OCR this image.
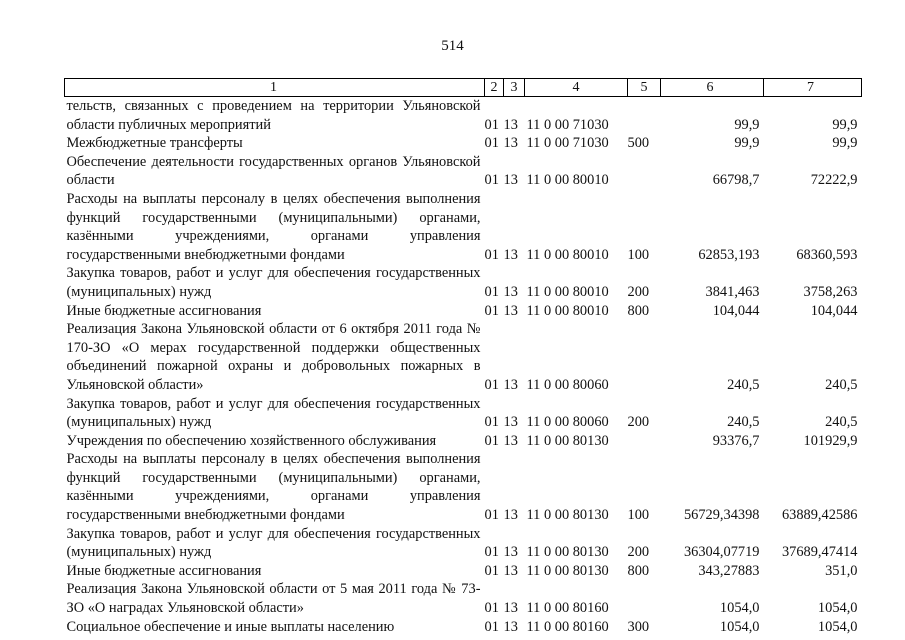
514
1	2	3	4	5	6	7
тельств, связанных с проведением на территории Ульяновской области публичных мероприятий	01	13	11 0 00 71030		99,9	99,9
Межбюджетные трансферты	01	13	11 0 00 71030	500	99,9	99,9
Обеспечение деятельности государственных органов Ульяновской области	01	13	11 0 00 80010		66798,7	72222,9
Расходы на выплаты персоналу в целях обеспечения выполнения функций государственными (муниципальными) органами, казёнными учреждениями, органами управления государственными внебюджетными фондами	01	13	11 0 00 80010	100	62853,193	68360,593
Закупка товаров, работ и услуг для обеспечения государственных (муниципальных) нужд	01	13	11 0 00 80010	200	3841,463	3758,263
Иные бюджетные ассигнования	01	13	11 0 00 80010	800	104,044	104,044
Реализация Закона Ульяновской области от 6 октября 2011 года № 170-ЗО «О мерах государственной поддержки общественных объединений пожарной охраны и добровольных пожарных в Ульяновской области»	01	13	11 0 00 80060		240,5	240,5
Закупка товаров, работ и услуг для обеспечения государственных (муниципальных) нужд	01	13	11 0 00 80060	200	240,5	240,5
Учреждения по обеспечению хозяйственного обслуживания	01	13	11 0 00 80130		93376,7	101929,9
Расходы на выплаты персоналу в целях обеспечения выполнения функций государственными (муниципальными) органами, казёнными учреждениями, органами управления государственными внебюджетными фондами	01	13	11 0 00 80130	100	56729,34398	63889,42586
Закупка товаров, работ и услуг для обеспечения государственных (муниципальных) нужд	01	13	11 0 00 80130	200	36304,07719	37689,47414
Иные бюджетные ассигнования	01	13	11 0 00 80130	800	343,27883	351,0
Реализация Закона Ульяновской области от 5 мая 2011 года № 73-ЗО «О наградах Ульяновской области»	01	13	11 0 00 80160		1054,0	1054,0
Социальное обеспечение и иные выплаты населению	01	13	11 0 00 80160	300	1054,0	1054,0
